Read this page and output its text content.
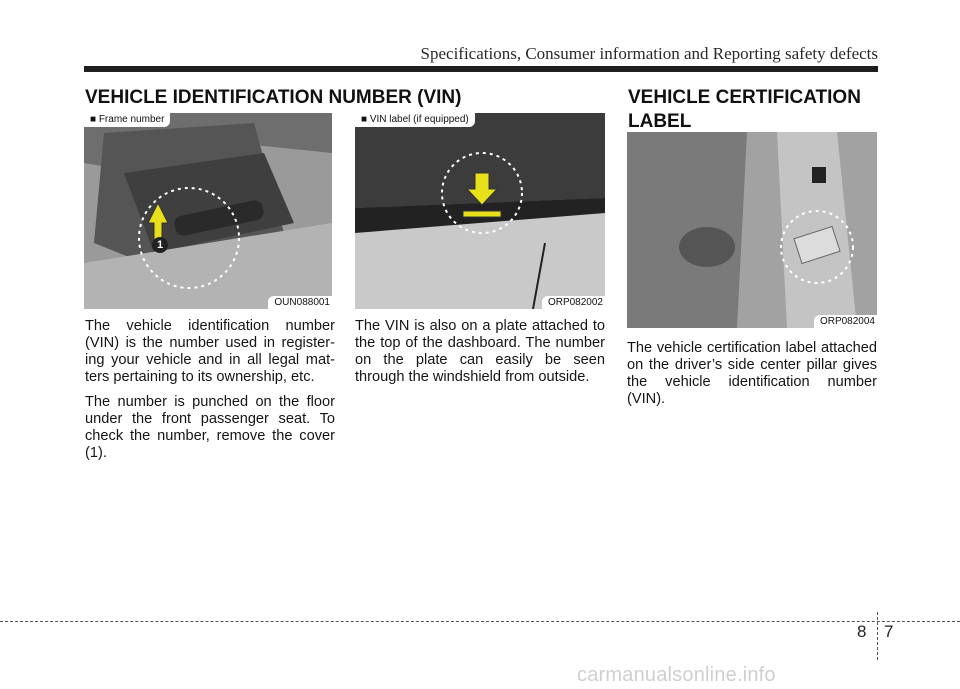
Specifications, Consumer information and Reporting safety defects
VEHICLE IDENTIFICATION NUMBER (VIN)
1
■ Frame number
OUN088001
■ VIN label (if equipped)
ORP082002

The vehicle identification number (VIN) is the number used in register-ing your vehicle and in all legal mat-ters pertaining to its ownership, etc.

The number is punched on the floor under the front passenger seat. To check the number, remove the cover (1).

The VIN is also on a plate attached to the top of the dashboard. The number on the plate can easily be seen through the windshield from outside.

VEHICLE CERTIFICATION LABEL
ORP082004

The vehicle certification label attached on the driver’s side center pillar gives the vehicle identification number (VIN).

8 7
carmanualsonline.info
